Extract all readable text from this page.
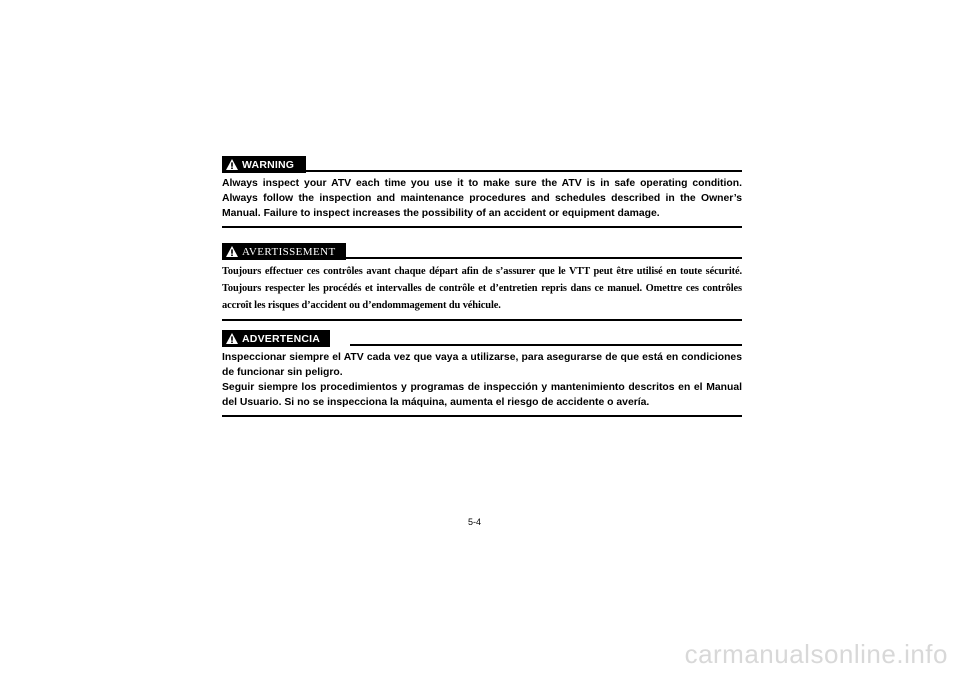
WARNING

Always inspect your ATV each time you use it to make sure the ATV is in safe operating condition. Always follow the inspection and maintenance procedures and schedules described in the Owner’s Manual. Failure to inspect increases the possibility of an accident or equipment damage.

AVERTISSEMENT

Toujours effectuer ces contrôles avant chaque départ afin de s’assurer que le VTT peut être utilisé en toute sécurité. Toujours respecter les procédés et intervalles de contrôle et d’entretien repris dans ce manuel. Omettre ces contrôles accroît les risques d’accident ou d’endommagement du véhicule.

ADVERTENCIA

Inspeccionar siempre el ATV cada vez que vaya a utilizarse, para asegurarse de que está en condiciones de funcionar sin peligro.

Seguir siempre los procedimientos y programas de inspección y mantenimiento descritos en el Manual del Usuario. Si no se inspecciona la máquina, aumenta el riesgo de accidente o avería.

5-4
carmanualsonline.info
